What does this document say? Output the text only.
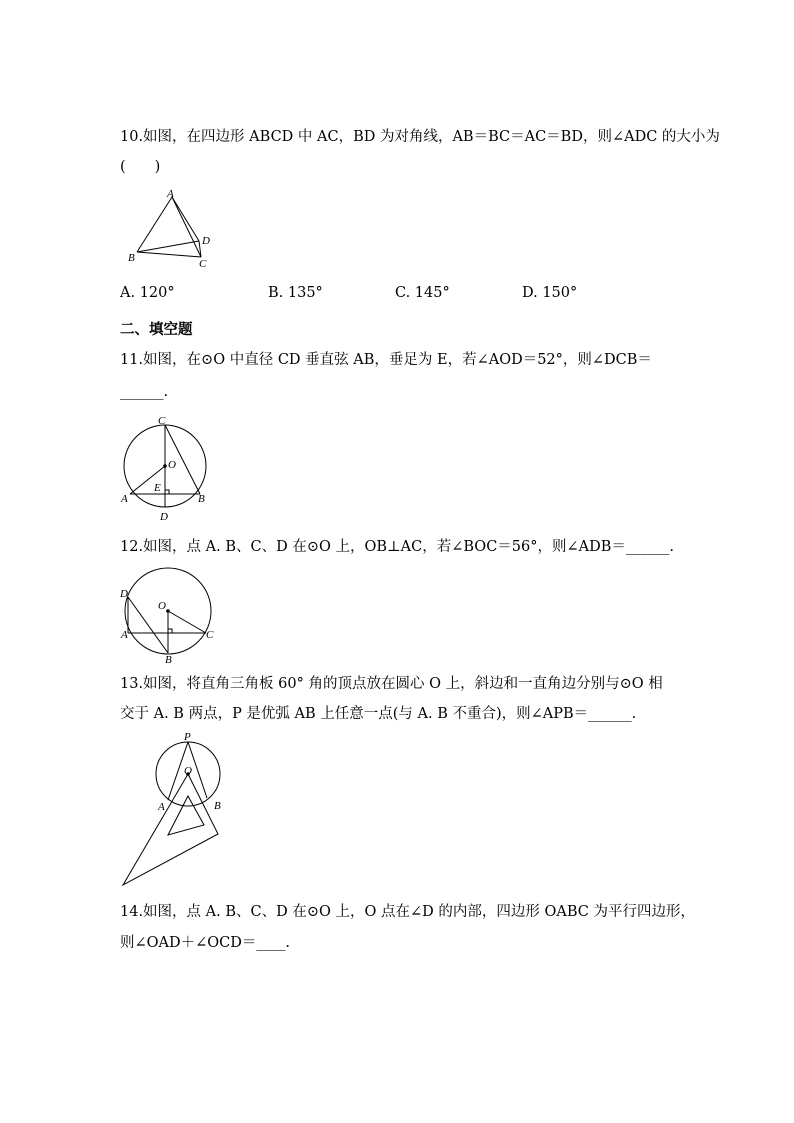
10.如图，在四边形 ABCD 中 AC，BD 为对角线，AB＝BC＝AC＝BD，则∠ADC 的大小为
(　　)
A
B	C
D
A. 120°	B. 135°	C. 145°	D. 150°
二、填空题
11.如图，在⊙O 中直径 CD 垂直弦 AB，垂足为 E，若∠AOD＝52°，则∠DCB＝
______.
C
O
E
A	B
D
12.如图，点 A. B、C、D 在⊙O 上，OB⊥AC，若∠BOC＝56°，则∠ADB＝______.
D
O
A	C
B
13.如图，将直角三角板 60° 角的顶点放在圆心 O 上，斜边和一直角边分别与⊙O 相
交于 A. B 两点，P 是优弧 AB 上任意一点(与 A. B 不重合)，则∠APB＝______.
P
O
A	B
14.如图，点 A. B、C、D 在⊙O 上，O 点在∠D 的内部，四边形 OABC 为平行四边形，
则∠OAD＋∠OCD＝____.
